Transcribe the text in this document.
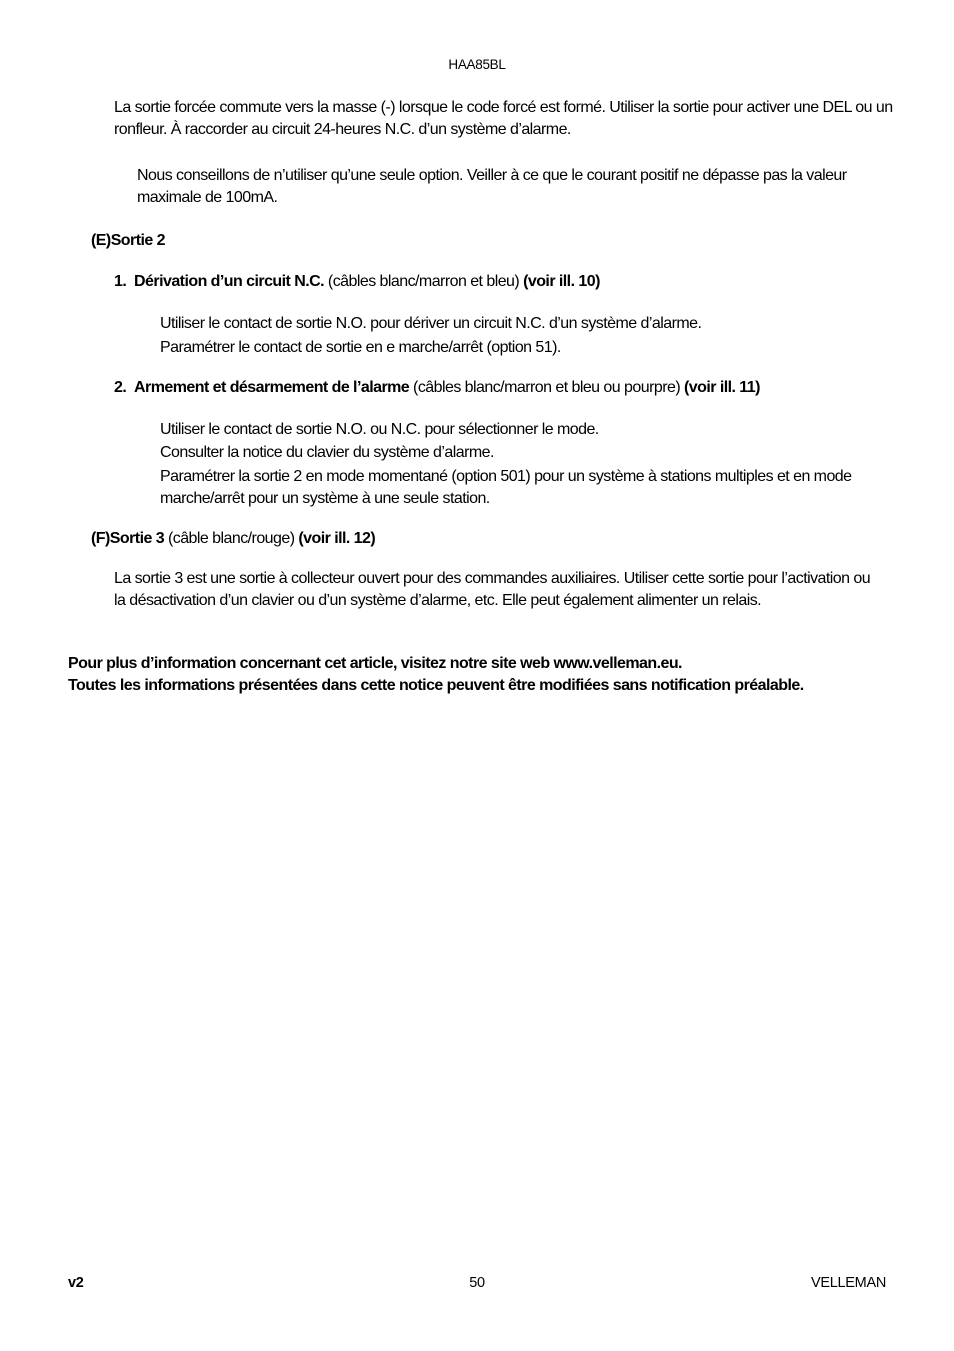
HAA85BL

La sortie forcée commute vers la masse (-) lorsque le code forcé est formé. Utiliser la sortie pour activer une DEL ou un ronfleur. À raccorder au circuit 24-heures N.C. d’un système d’alarme.

Nous conseillons de n’utiliser qu’une seule option. Veiller à ce que le courant positif ne dépasse pas la valeur maximale de 100mA.

(E)Sortie 2
1. Dérivation d’un circuit N.C. (câbles blanc/marron et bleu) (voir ill. 10)
Utiliser le contact de sortie N.O. pour dériver un circuit N.C. d’un système d’alarme.
Paramétrer le contact de sortie en e marche/arrêt (option 51).
2. Armement et désarmement de l’alarme (câbles blanc/marron et bleu ou pourpre) (voir ill. 11)
Utiliser le contact de sortie N.O. ou N.C. pour sélectionner le mode.
Consulter la notice du clavier du système d’alarme.
Paramétrer la sortie 2 en mode momentané (option 501) pour un système à stations multiples et en mode marche/arrêt pour un système à une seule station.
(F)Sortie 3 (câble blanc/rouge) (voir ill. 12)

La sortie 3 est une sortie à collecteur ouvert pour des commandes auxiliaires. Utiliser cette sortie pour l’activation ou la désactivation d’un clavier ou d’un système d’alarme, etc. Elle peut également alimenter un relais.

Pour plus d’information concernant cet article, visitez notre site web www.velleman.eu.
Toutes les informations présentées dans cette notice peuvent être modifiées sans notification préalable.
v2	50	VELLEMAN
